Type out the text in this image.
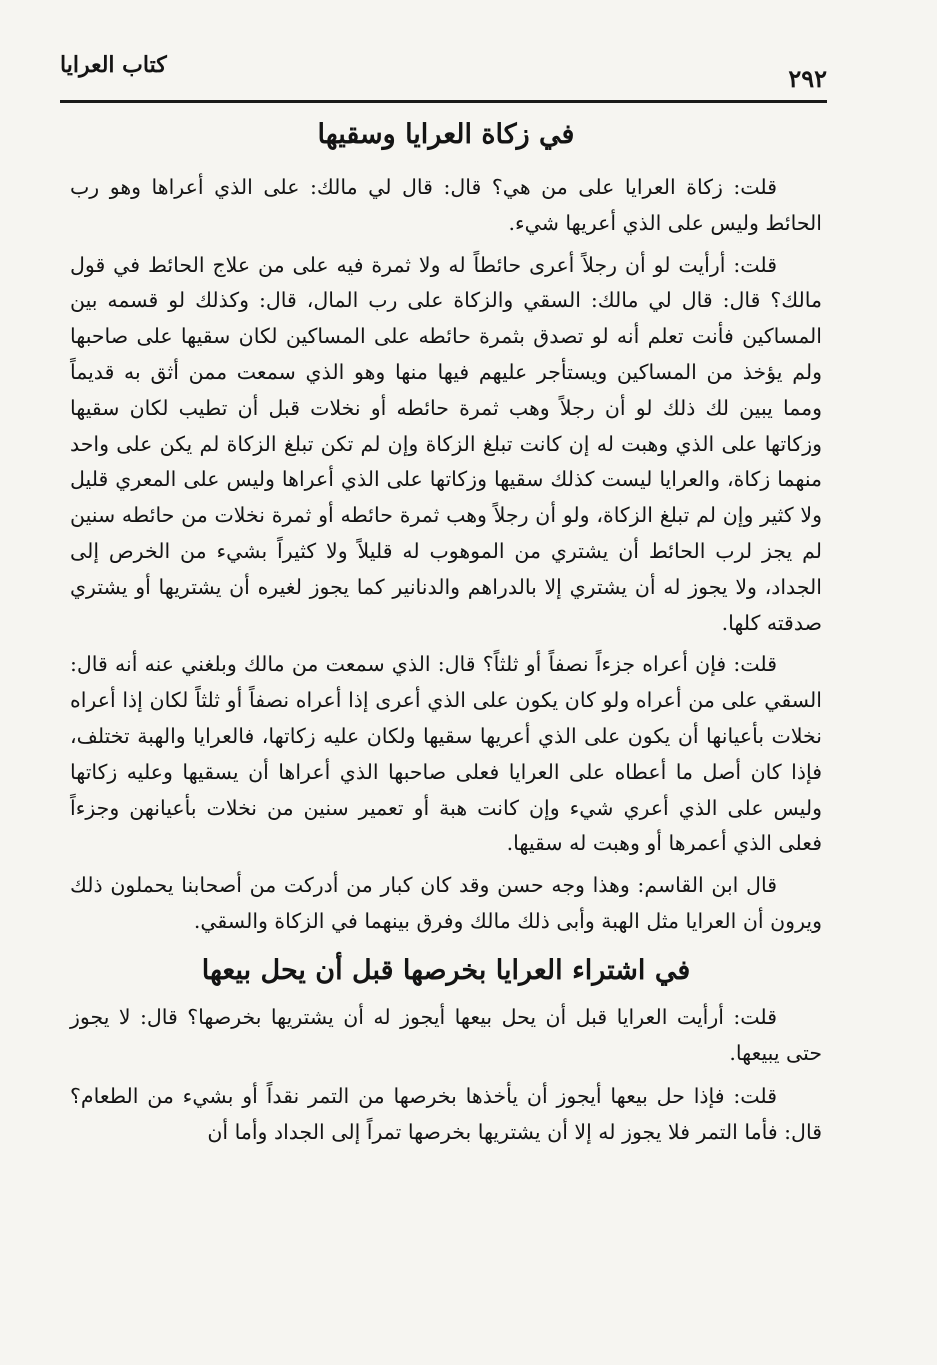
٢٩٢
كتاب العرايا
في زكاة العرايا وسقيها

قلت: زكاة العرايا على من هي؟ قال: قال لي مالك: على الذي أعراها وهو رب الحائط وليس على الذي أعريها شيء.

قلت: أرأيت لو أن رجلاً أعرى حائطاً له ولا ثمرة فيه على من علاج الحائط في قول مالك؟ قال: قال لي مالك: السقي والزكاة على رب المال، قال: وكذلك لو قسمه بين المساكين فأنت تعلم أنه لو تصدق بثمرة حائطه على المساكين لكان سقيها على صاحبها ولم يؤخذ من المساكين ويستأجر عليهم فيها منها وهو الذي سمعت ممن أثق به قديماً ومما يبين لك ذلك لو أن رجلاً وهب ثمرة حائطه أو نخلات قبل أن تطيب لكان سقيها وزكاتها على الذي وهبت له إن كانت تبلغ الزكاة وإن لم تكن تبلغ الزكاة لم يكن على واحد منهما زكاة، والعرايا ليست كذلك سقيها وزكاتها على الذي أعراها وليس على المعري قليل ولا كثير وإن لم تبلغ الزكاة، ولو أن رجلاً وهب ثمرة حائطه أو ثمرة نخلات من حائطه سنين لم يجز لرب الحائط أن يشتري من الموهوب له قليلاً ولا كثيراً بشيء من الخرص إلى الجداد، ولا يجوز له أن يشتري إلا بالدراهم والدنانير كما يجوز لغيره أن يشتريها أو يشتري صدقته كلها.

قلت: فإن أعراه جزءاً نصفاً أو ثلثاً؟ قال: الذي سمعت من مالك وبلغني عنه أنه قال: السقي على من أعراه ولو كان يكون على الذي أعرى إذا أعراه نصفاً أو ثلثاً لكان إذا أعراه نخلات بأعيانها أن يكون على الذي أعريها سقيها ولكان عليه زكاتها، فالعرايا والهبة تختلف، فإذا كان أصل ما أعطاه على العرايا فعلى صاحبها الذي أعراها أن يسقيها وعليه زكاتها وليس على الذي أعري شيء وإن كانت هبة أو تعمير سنين من نخلات بأعيانهن وجزءاً فعلى الذي أعمرها أو وهبت له سقيها.

قال ابن القاسم: وهذا وجه حسن وقد كان كبار من أدركت من أصحابنا يحملون ذلك ويرون أن العرايا مثل الهبة وأبى ذلك مالك وفرق بينهما في الزكاة والسقي.

في اشتراء العرايا بخرصها قبل أن يحل بيعها

قلت: أرأيت العرايا قبل أن يحل بيعها أيجوز له أن يشتريها بخرصها؟ قال: لا يجوز حتى يبيعها.

قلت: فإذا حل بيعها أيجوز أن يأخذها بخرصها من التمر نقداً أو بشيء من الطعام؟ قال: فأما التمر فلا يجوز له إلا أن يشتريها بخرصها تمراً إلى الجداد وأما أن
